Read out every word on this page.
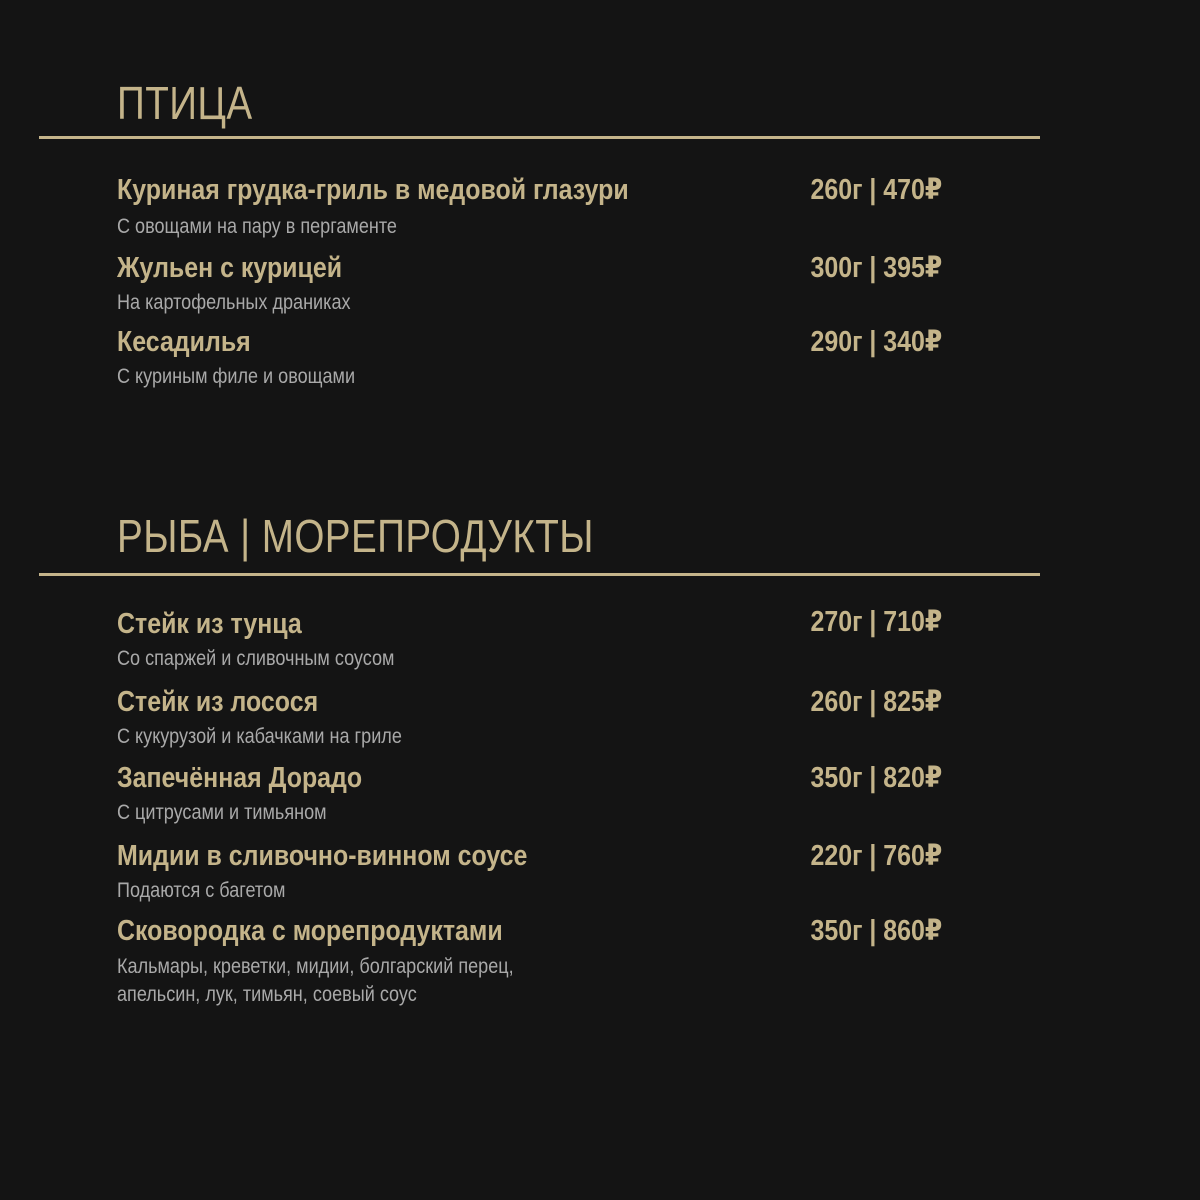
ПТИЦА
Куриная грудка-гриль в медовой глазури
С овощами на пару в пергаменте
260г | 470₽
Жульен с курицей
На картофельных драниках
300г | 395₽
Кесадилья
С куриным филе и овощами
290г | 340₽
РЫБА | МОРЕПРОДУКТЫ
Стейк из тунца
Со спаржей и сливочным соусом
270г | 710₽
Стейк из лосося
С кукурузой и кабачками на гриле
260г | 825₽
Запечённая Дорадо
С цитрусами и тимьяном
350г | 820₽
Мидии в сливочно-винном соусе
Подаются с багетом
220г | 760₽
Сковородка с морепродуктами
Кальмары, креветки, мидии, болгарский перец,
апельсин, лук, тимьян, соевый соус
350г | 860₽
